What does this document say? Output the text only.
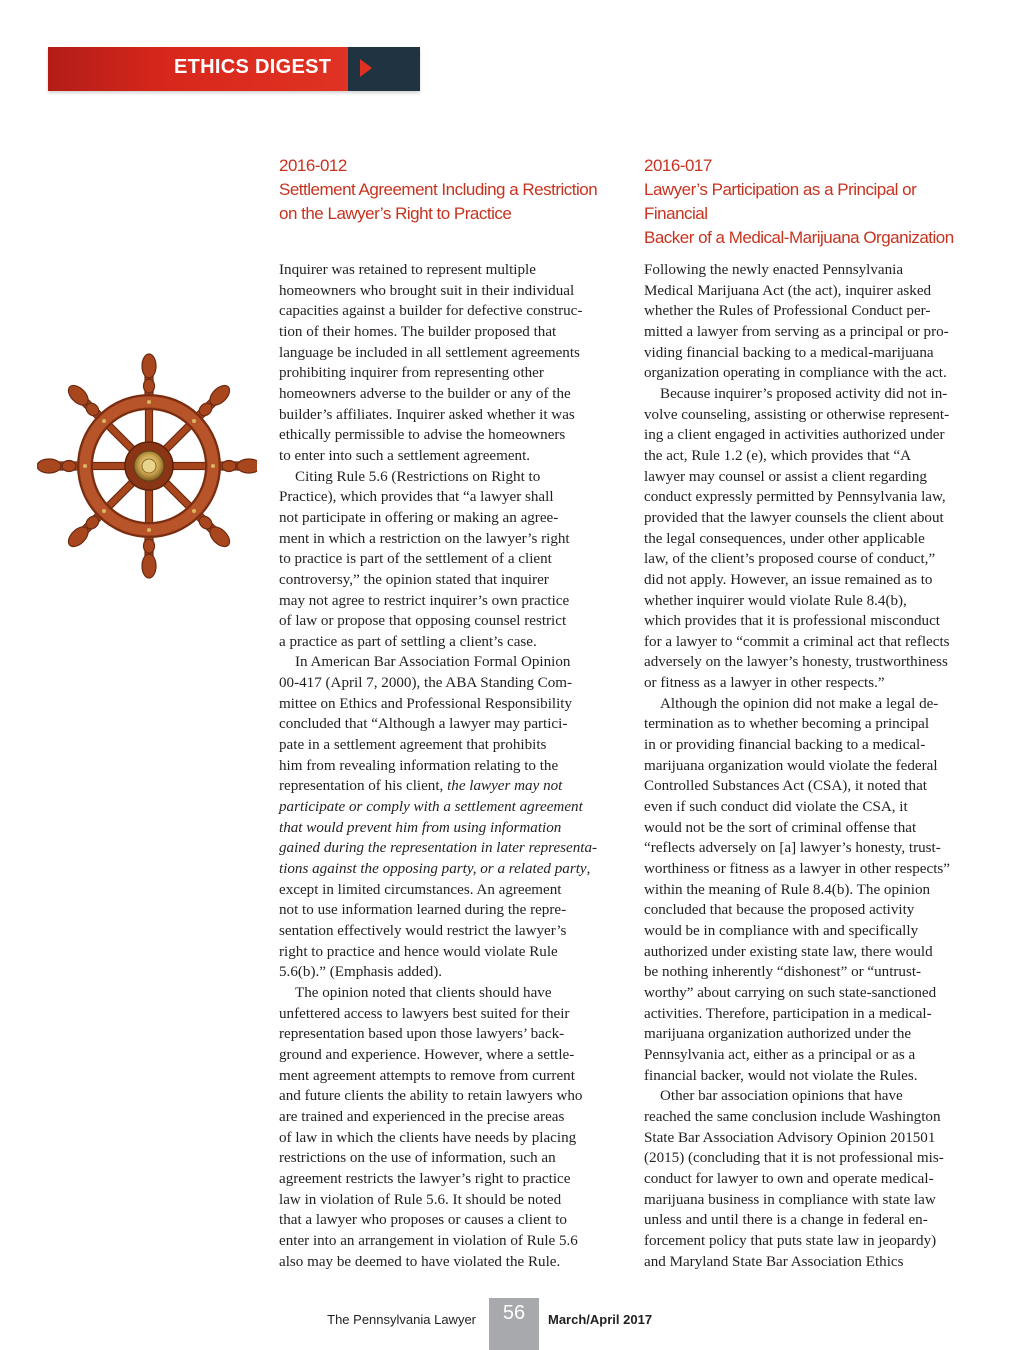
ETHICS DIGEST
2016-012
Settlement Agreement Including a Restriction
on the Lawyer’s Right to Practice

Inquirer was retained to represent multiple
homeowners who brought suit in their individual
capacities against a builder for defective construc-
tion of their homes. The builder proposed that
language be included in all settlement agreements
prohibiting inquirer from representing other
homeowners adverse to the builder or any of the
builder’s affiliates. Inquirer asked whether it was
ethically permissible to advise the homeowners
to enter into such a settlement agreement.

Citing Rule 5.6 (Restrictions on Right to
Practice), which provides that “a lawyer shall
not participate in offering or making an agree-
ment in which a restriction on the lawyer’s right
to practice is part of the settlement of a client
controversy,” the opinion stated that inquirer
may not agree to restrict inquirer’s own practice
of law or propose that opposing counsel restrict
a practice as part of settling a client’s case.

In American Bar Association Formal Opinion
00-417 (April 7, 2000), the ABA Standing Com-
mittee on Ethics and Professional Responsibility
concluded that “Although a lawyer may partici-
pate in a settlement agreement that prohibits
him from revealing information relating to the
representation of his client, the lawyer may not
participate or comply with a settlement agreement
that would prevent him from using information
gained during the representation in later representa-
tions against the opposing party, or a related party,
except in limited circumstances. An agreement
not to use information learned during the repre-
sentation effectively would restrict the lawyer’s
right to practice and hence would violate Rule
5.6(b).” (Emphasis added).

The opinion noted that clients should have
unfettered access to lawyers best suited for their
representation based upon those lawyers’ back-
ground and experience. However, where a settle-
ment agreement attempts to remove from current
and future clients the ability to retain lawyers who
are trained and experienced in the precise areas
of law in which the clients have needs by placing
restrictions on the use of information, such an
agreement restricts the lawyer’s right to practice
law in violation of Rule 5.6. It should be noted
that a lawyer who proposes or causes a client to
enter into an arrangement in violation of Rule 5.6
also may be deemed to have violated the Rule.

2016-017
Lawyer’s Participation as a Principal or Financial
Backer of a Medical-Marijuana Organization

Following the newly enacted Pennsylvania
Medical Marijuana Act (the act), inquirer asked
whether the Rules of Professional Conduct per-
mitted a lawyer from serving as a principal or pro-
viding financial backing to a medical-marijuana
organization operating in compliance with the act.

Because inquirer’s proposed activity did not in-
volve counseling, assisting or otherwise represent-
ing a client engaged in activities authorized under
the act, Rule 1.2 (e), which provides that “A
lawyer may counsel or assist a client regarding
conduct expressly permitted by Pennsylvania law,
provided that the lawyer counsels the client about
the legal consequences, under other applicable
law, of the client’s proposed course of conduct,”
did not apply. However, an issue remained as to
whether inquirer would violate Rule 8.4(b),
which provides that it is professional misconduct
for a lawyer to “commit a criminal act that reflects
adversely on the lawyer’s honesty, trustworthiness
or fitness as a lawyer in other respects.”

Although the opinion did not make a legal de-
termination as to whether becoming a principal
in or providing financial backing to a medical-
marijuana organization would violate the federal
Controlled Substances Act (CSA), it noted that
even if such conduct did violate the CSA, it
would not be the sort of criminal offense that
“reflects adversely on [a] lawyer’s honesty, trust-
worthiness or fitness as a lawyer in other respects”
within the meaning of Rule 8.4(b). The opinion
concluded that because the proposed activity
would be in compliance with and specifically
authorized under existing state law, there would
be nothing inherently “dishonest” or “untrust-
worthy” about carrying on such state-sanctioned
activities. Therefore, participation in a medical-
marijuana organization authorized under the
Pennsylvania act, either as a principal or as a
financial backer, would not violate the Rules.

Other bar association opinions that have
reached the same conclusion include Washington
State Bar Association Advisory Opinion 201501
(2015) (concluding that it is not professional mis-
conduct for lawyer to own and operate medical-
marijuana business in compliance with state law
unless and until there is a change in federal en-
forcement policy that puts state law in jeopardy)
and Maryland State Bar Association Ethics

The Pennsylvania Lawyer	56	March/April 2017
